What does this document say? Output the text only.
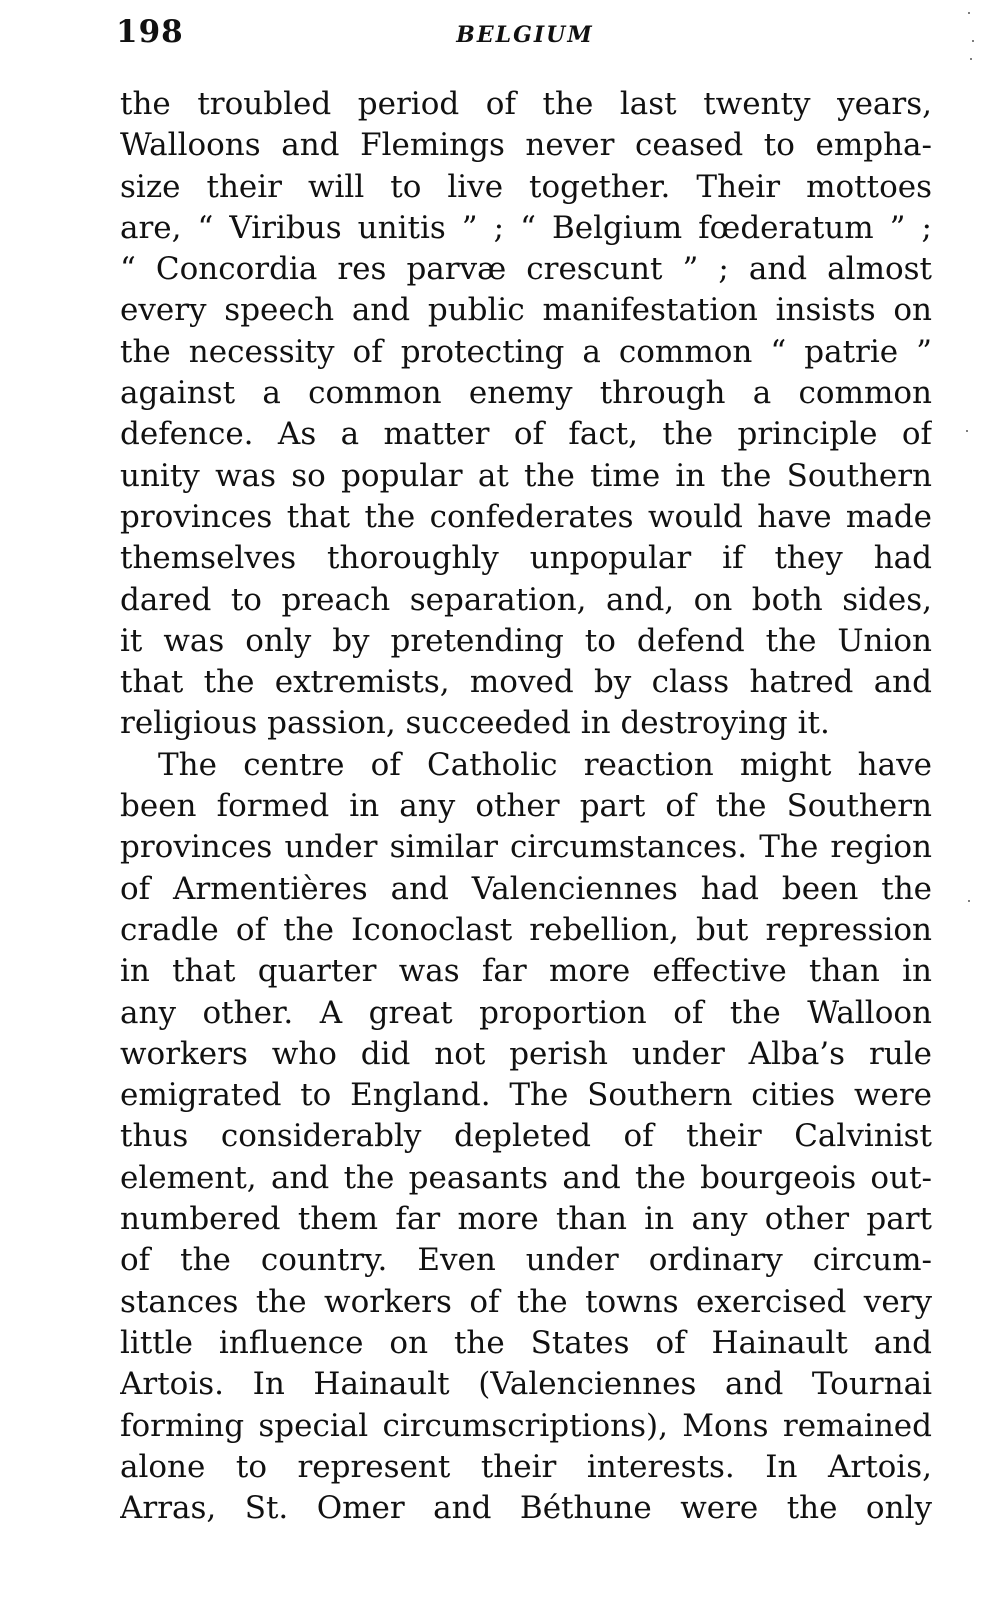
198	BELGIUM
the troubled period of the last twenty years,
Walloons and Flemings never ceased to empha-
size their will to live together. Their mottoes
are, “ Viribus unitis ” ; “ Belgium fœderatum ” ;
“ Concordia res parvæ crescunt ” ; and almost
every speech and public manifestation insists on
the necessity of protecting a common “ patrie ”
against a common enemy through a common
defence. As a matter of fact, the principle of
unity was so popular at the time in the Southern
provinces that the confederates would have made
themselves thoroughly unpopular if they had
dared to preach separation, and, on both sides,
it was only by pretending to defend the Union
that the extremists, moved by class hatred and
religious passion, succeeded in destroying it.
The centre of Catholic reaction might have
been formed in any other part of the Southern
provinces under similar circumstances. The region
of Armentières and Valenciennes had been the
cradle of the Iconoclast rebellion, but repression
in that quarter was far more effective than in
any other. A great proportion of the Walloon
workers who did not perish under Alba’s rule
emigrated to England. The Southern cities were
thus considerably depleted of their Calvinist
element, and the peasants and the bourgeois out-
numbered them far more than in any other part
of the country. Even under ordinary circum-
stances the workers of the towns exercised very
little influence on the States of Hainault and
Artois. In Hainault (Valenciennes and Tournai
forming special circumscriptions), Mons remained
alone to represent their interests. In Artois,
Arras, St. Omer and Béthune were the only
